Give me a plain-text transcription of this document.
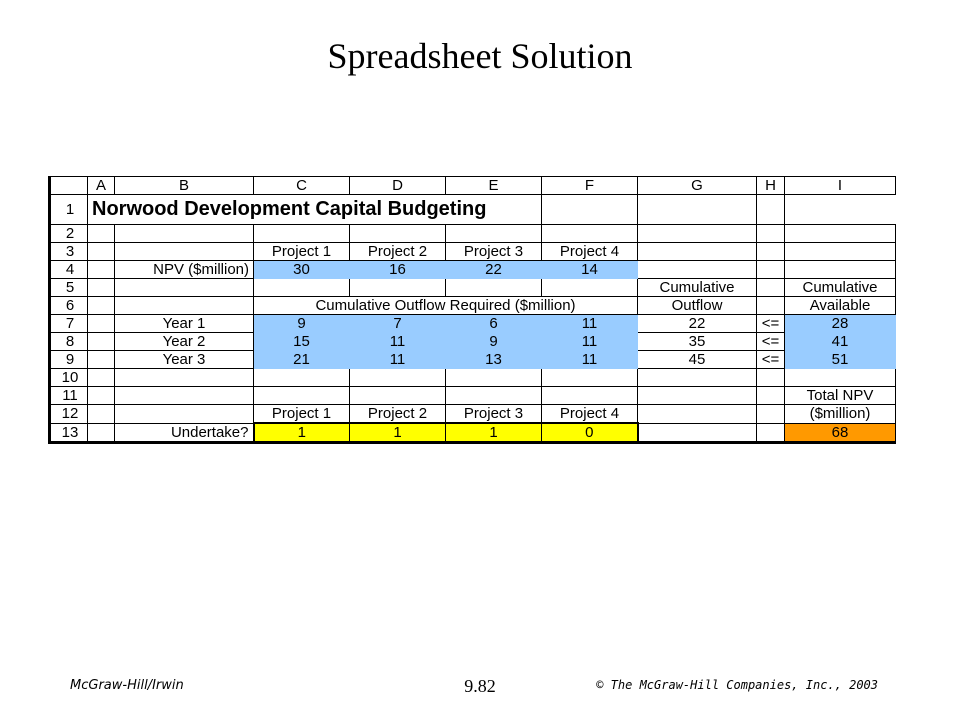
Spreadsheet Solution
	A	B	C	D	E	F	G	H	I
1	Norwood Development Capital Budgeting								
2									
3			Project 1	Project 2	Project 3	Project 4			
4		NPV ($million)	30	16	22	14			
5							Cumulative		Cumulative
6			Cumulative Outflow Required ($million)				Outflow		Available
7		Year 1	9	7	6	11	22	<=	28
8		Year 2	15	11	9	11	35	<=	41
9		Year 3	21	11	13	11	45	<=	51
10									
11									Total NPV
12			Project 1	Project 2	Project 3	Project 4			($million)
13		Undertake?	1	1	1	0			68
McGraw-Hill/Irwin	9.82	© The McGraw-Hill Companies, Inc., 2003
